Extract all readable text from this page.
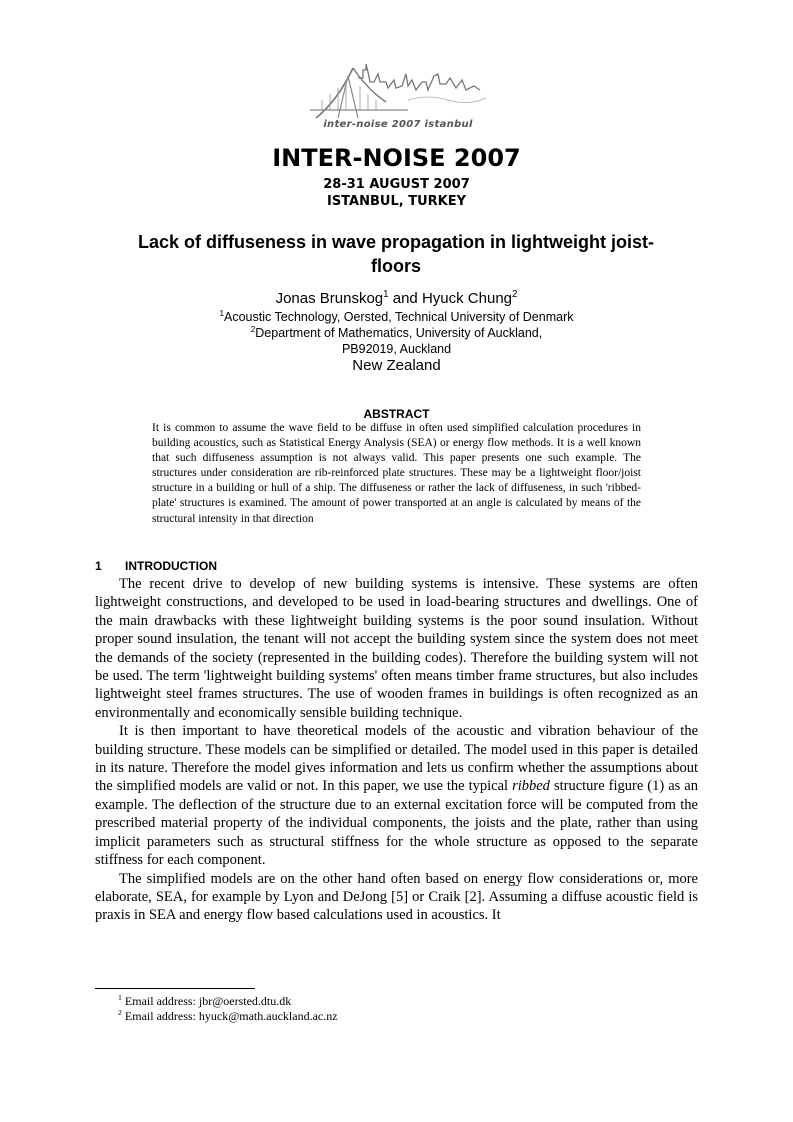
inter-noise 2007 istanbul
INTER-NOISE 2007
28-31 AUGUST 2007
ISTANBUL, TURKEY
Lack of diffuseness in wave propagation in lightweight joist-floors
Jonas Brunskog$^1$ and Hyuck Chung$^2$
$^1$Acoustic Technology, Oersted, Technical University of Denmark
$^2$Department of Mathematics, University of Auckland,
PB92019, Auckland
New Zealand
ABSTRACT
It is common to assume the wave field to be diffuse in often used simplified calculation procedures in building acoustics, such as Statistical Energy Analysis (SEA) or energy flow methods. It is a well known that such diffuseness assumption is not always valid. This paper presents one such example. The structures under consideration are rib-reinforced plate structures. These may be a lightweight floor/joist structure in a building or hull of a ship. The diffuseness or rather the lack of diffuseness, in such 'ribbed-plate' structures is examined. The amount of power transported at an angle is calculated by means of the structural intensity in that direction
1 INTRODUCTION

The recent drive to develop of new building systems is intensive. These systems are often lightweight constructions, and developed to be used in load-bearing structures and dwellings. One of the main drawbacks with these lightweight building systems is the poor sound insulation. Without proper sound insulation, the tenant will not accept the building system since the system does not meet the demands of the society (represented in the building codes). Therefore the building system will not be used. The term 'lightweight building systems' often means timber frame structures, but also includes lightweight steel frames structures. The use of wooden frames in buildings is often recognized as an environmentally and economically sensible building technique.

It is then important to have theoretical models of the acoustic and vibration behaviour of the building structure. These models can be simplified or detailed. The model used in this paper is detailed in its nature. Therefore the model gives information and lets us confirm whether the assumptions about the simplified models are valid or not. In this paper, we use the typical ribbed structure figure (1) as an example. The deflection of the structure due to an external excitation force will be computed from the prescribed material property of the individual components, the joists and the plate, rather than using implicit parameters such as structural stiffness for the whole structure as opposed to the separate stiffness for each component.

The simplified models are on the other hand often based on energy flow considerations or, more elaborate, SEA, for example by Lyon and DeJong [5] or Craik [2]. Assuming a diffuse acoustic field is praxis in SEA and energy flow based calculations used in acoustics. It

$^1$ Email address: jbr@oersted.dtu.dk
$^2$ Email address: hyuck@math.auckland.ac.nz
